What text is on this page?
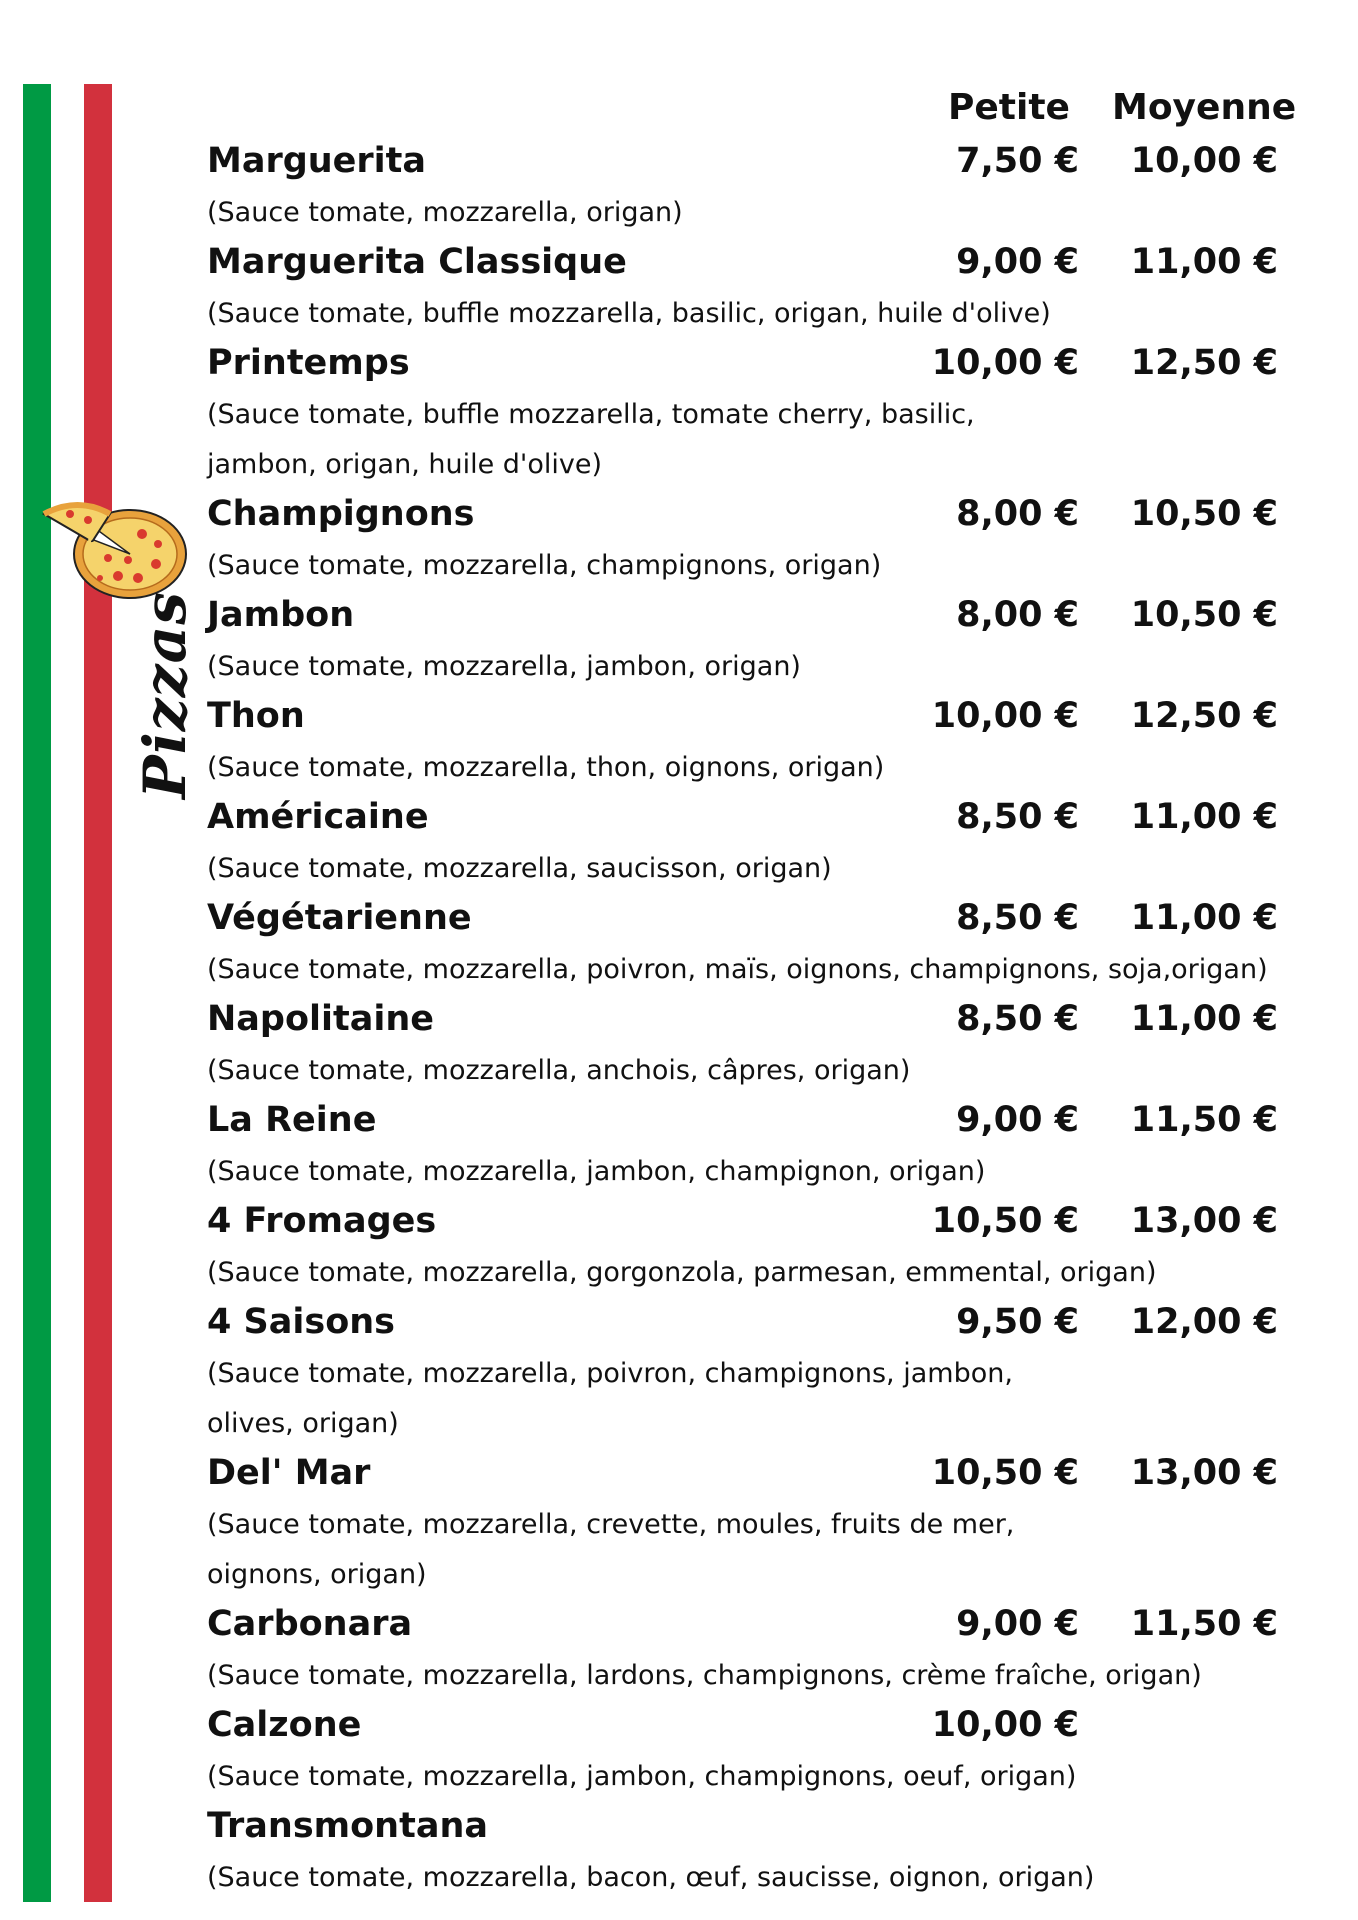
Pizzas
Petite	Moyenne
Marguerita	7,50 € 10,00 €

(Sauce tomate, mozzarella, origan)

Marguerita Classique	9,00 € 11,00 €

(Sauce tomate, buffle mozzarella, basilic, origan, huile d'olive)

Printemps	10,00 € 12,50 €

(Sauce tomate, buffle mozzarella, tomate cherry, basilic,
jambon, origan, huile d'olive)

Champignons	8,00 € 10,50 €

(Sauce tomate, mozzarella, champignons, origan)

Jambon	8,00 € 10,50 €

(Sauce tomate, mozzarella, jambon, origan)

Thon	10,00 € 12,50 €

(Sauce tomate, mozzarella, thon, oignons, origan)

Américaine	8,50 € 11,00 €

(Sauce tomate, mozzarella, saucisson, origan)

Végétarienne	8,50 € 11,00 €

(Sauce tomate, mozzarella, poivron, maïs, oignons, champignons, soja,origan)

Napolitaine	8,50 € 11,00 €

(Sauce tomate, mozzarella, anchois, câpres, origan)

La Reine	9,00 € 11,50 €

(Sauce tomate, mozzarella, jambon, champignon, origan)

4 Fromages	10,50 € 13,00 €

(Sauce tomate, mozzarella, gorgonzola, parmesan, emmental, origan)

4 Saisons	9,50 € 12,00 €

(Sauce tomate, mozzarella, poivron, champignons, jambon,
olives, origan)

Del' Mar	10,50 € 13,00 €

(Sauce tomate, mozzarella, crevette, moules, fruits de mer,
oignons, origan)

Carbonara	9,00 € 11,50 €

(Sauce tomate, mozzarella, lardons, champignons, crème fraîche, origan)

Calzone	10,00 €

(Sauce tomate, mozzarella, jambon, champignons, oeuf, origan)

Transmontana

(Sauce tomate, mozzarella, bacon, œuf, saucisse, oignon, origan)
